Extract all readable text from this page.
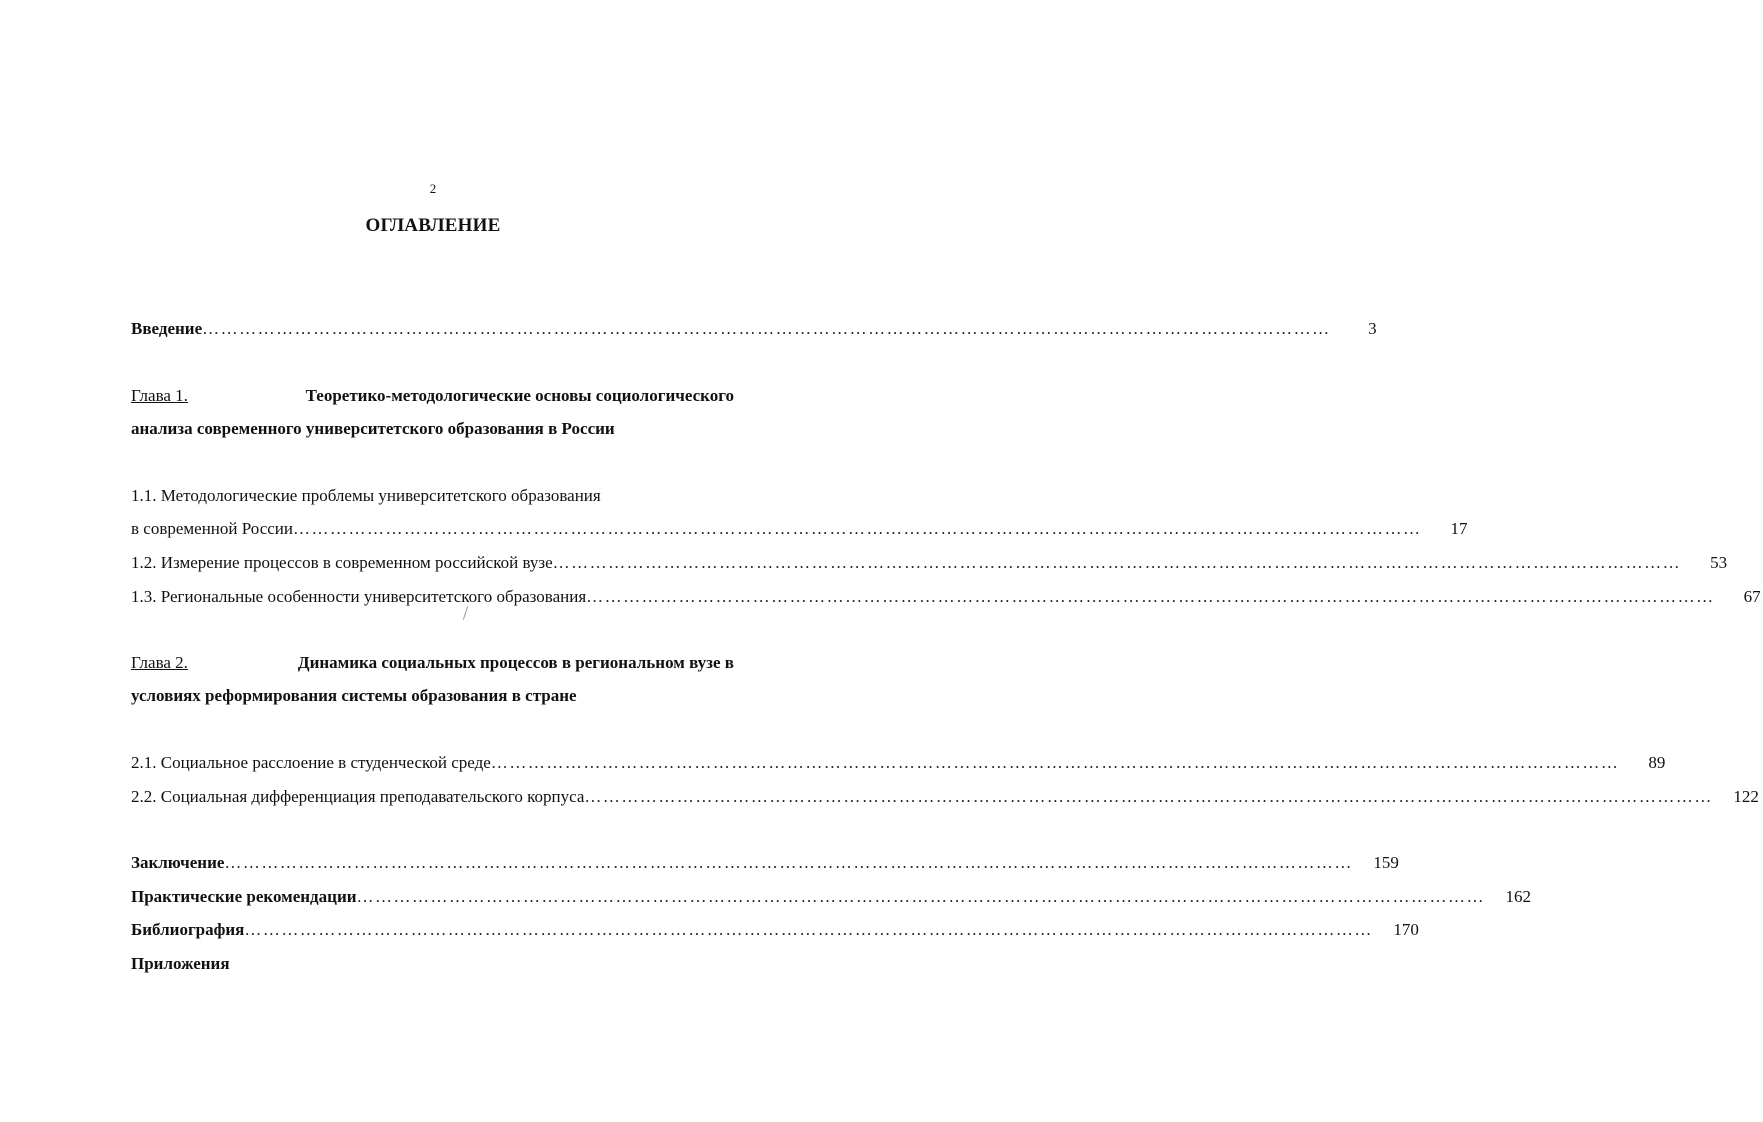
2
ОГЛАВЛЕНИЕ
Введение …………………………………………………………………………………………………………………………………………………………………	3
Глава 1.	Теоретико-методологические основы социологического
анализа современного университетского образования в России
1.1. Методологические проблемы университетского образования
в современной России …………………………………………………………………………………………………………………………………………………………………	17
1.2. Измерение процессов в современном российской вузе …………………………………………………………………………………………………………………………………………………………………	53
1.3. Региональные особенности университетского образования …………………………………………………………………………………………………………………………………………………………………	67
Глава 2.	Динамика социальных процессов в региональном вузе в
условиях реформирования системы образования в стране
2.1. Социальное расслоение в студенческой среде …………………………………………………………………………………………………………………………………………………………………	89
2.2. Социальная дифференциация преподавательского корпуса …………………………………………………………………………………………………………………………………………………………………	122
Заключение …………………………………………………………………………………………………………………………………………………………………	159
Практические рекомендации …………………………………………………………………………………………………………………………………………………………………	162
Библиография …………………………………………………………………………………………………………………………………………………………………	170
Приложения
